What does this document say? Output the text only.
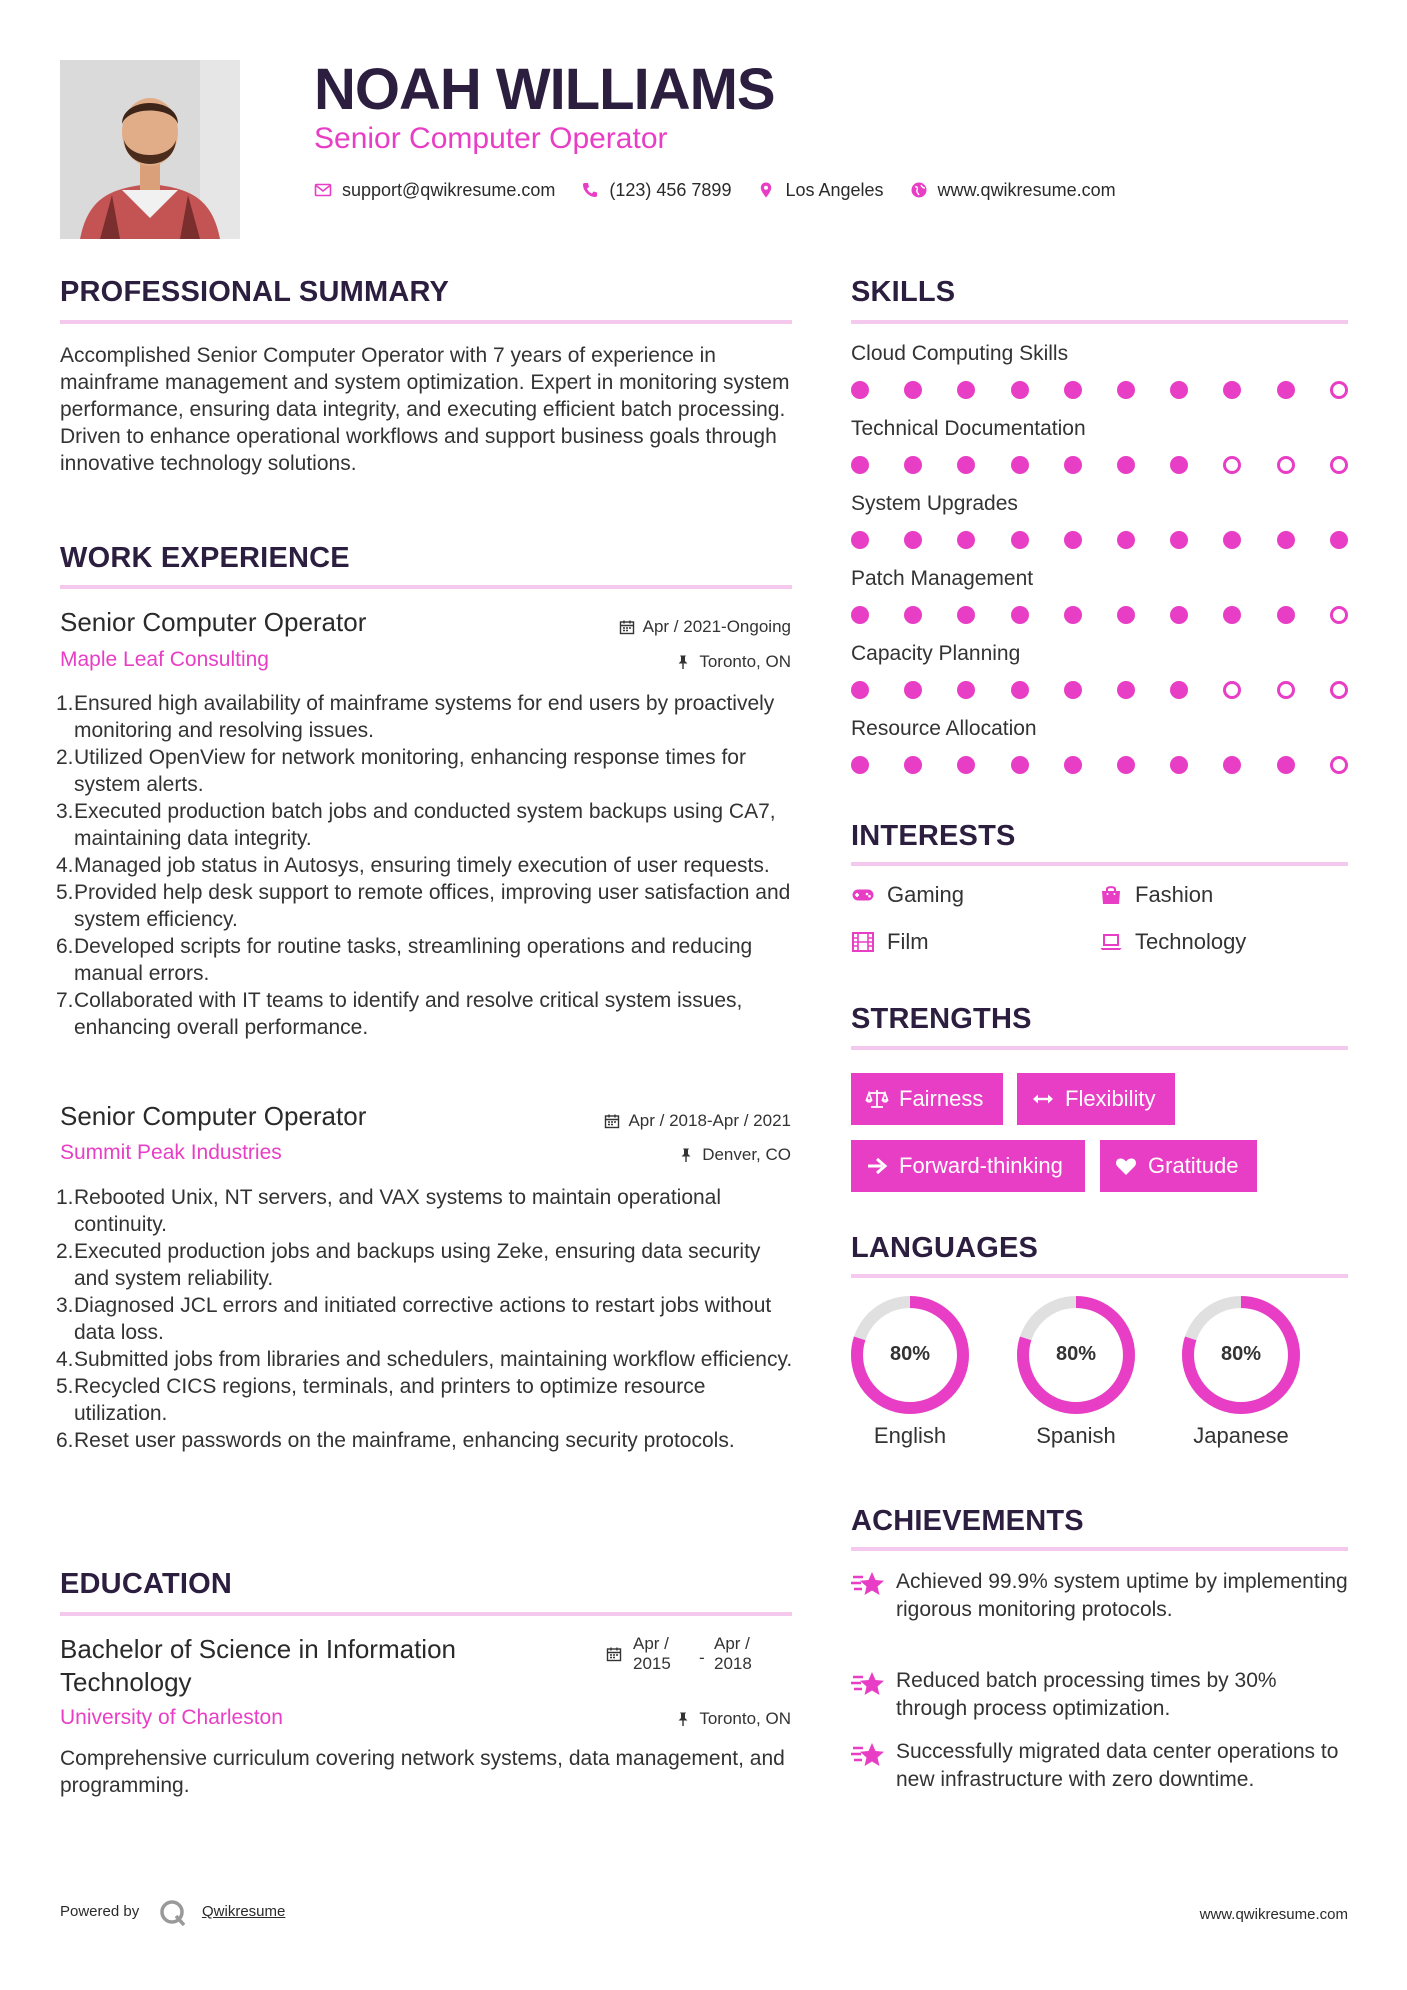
NOAH WILLIAMS
Senior Computer Operator
support@qwikresume.com	(123) 456 7899	Los Angeles	www.qwikresume.com
PROFESSIONAL SUMMARY
Accomplished Senior Computer Operator with 7 years of experience in mainframe management and system optimization. Expert in monitoring system performance, ensuring data integrity, and executing efficient batch processing. Driven to enhance operational workflows and support business goals through innovative technology solutions.
WORK EXPERIENCE
Senior Computer Operator	Apr / 2021-Ongoing
Maple Leaf Consulting	Toronto, ON
1. Ensured high availability of mainframe systems for end users by proactively monitoring and resolving issues.
2. Utilized OpenView for network monitoring, enhancing response times for system alerts.
3. Executed production batch jobs and conducted system backups using CA7, maintaining data integrity.
4. Managed job status in Autosys, ensuring timely execution of user requests.
5. Provided help desk support to remote offices, improving user satisfaction and system efficiency.
6. Developed scripts for routine tasks, streamlining operations and reducing manual errors.
7. Collaborated with IT teams to identify and resolve critical system issues, enhancing overall performance.
Senior Computer Operator	Apr / 2018-Apr / 2021
Summit Peak Industries	Denver, CO
1. Rebooted Unix, NT servers, and VAX systems to maintain operational continuity.
2. Executed production jobs and backups using Zeke, ensuring data security and system reliability.
3. Diagnosed JCL errors and initiated corrective actions to restart jobs without data loss.
4. Submitted jobs from libraries and schedulers, maintaining workflow efficiency.
5. Recycled CICS regions, terminals, and printers to optimize resource utilization.
6. Reset user passwords on the mainframe, enhancing security protocols.
EDUCATION
Bachelor of Science in Information
Technology
Apr /
2015 -
Apr /
2018
University of Charleston	Toronto, ON
Comprehensive curriculum covering network systems, data management, and programming.
SKILLS
Cloud Computing Skills
Technical Documentation
System Upgrades
Patch Management
Capacity Planning
Resource Allocation
INTERESTS
Gaming	Fashion
Film	Technology
STRENGTHS
Fairness	Flexibility
Forward-thinking	Gratitude
LANGUAGES
80%
English
80%
Spanish
80%
Japanese
ACHIEVEMENTS
Achieved 99.9% system uptime by implementing rigorous monitoring protocols.
Reduced batch processing times by 30% through process optimization.
Successfully migrated data center operations to new infrastructure with zero downtime.
Powered by	Qwikresume	www.qwikresume.com
